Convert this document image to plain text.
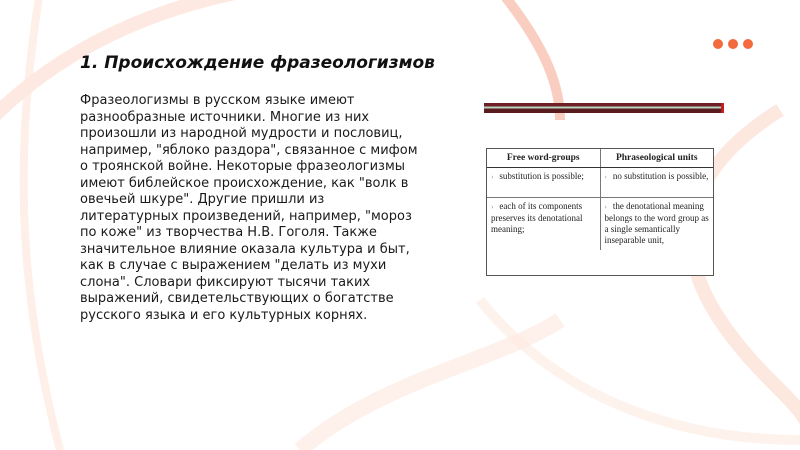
1. Происхождение фразеологизмов

Фразеологизмы в русском языке имеют разнообразные источники. Многие из них произошли из народной мудрости и пословиц, например, "яблоко раздора", связанное с мифом о троянской войне. Некоторые фразеологизмы имеют библейское происхождение, как "волк в овечьей шкуре". Другие пришли из литературных произведений, например, "мороз по коже" из творчества Н.В. Гоголя. Также значительное влияние оказала культура и быт, как в случае с выражением "делать из мухи слона". Словари фиксируют тысячи таких выражений, свидетельствующих о богатстве русского языка и его культурных корнях.

Free word-groups	Phraseological units
› substitution is possible;	› no substitution is possible,
› each of its components preserves its denotational meaning;	› the denotational meaning belongs to the word group as a single semantically inseparable unit,
